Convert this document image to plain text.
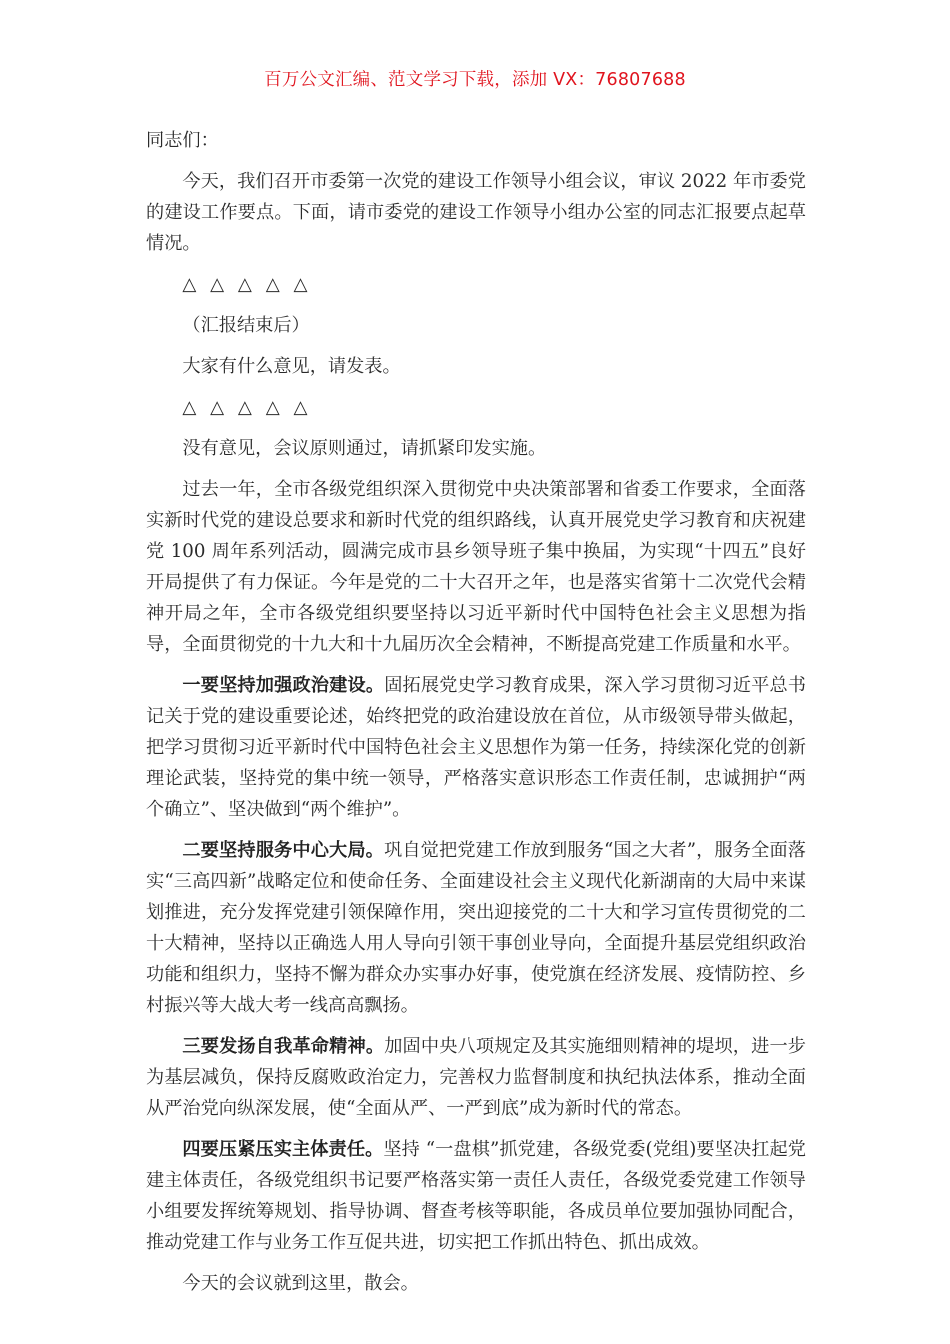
百万公文汇编、范文学习下载，添加 VX：76807688

同志们：

今天，我们召开市委第一次党的建设工作领导小组会议，审议 2022 年市委党的建设工作要点。下面，请市委党的建设工作领导小组办公室的同志汇报要点起草情况。

△ △ △ △ △

（汇报结束后）

大家有什么意见，请发表。

△ △ △ △ △

没有意见，会议原则通过，请抓紧印发实施。

过去一年，全市各级党组织深入贯彻党中央决策部署和省委工作要求，全面落实新时代党的建设总要求和新时代党的组织路线，认真开展党史学习教育和庆祝建党 100 周年系列活动，圆满完成市县乡领导班子集中换届，为实现“十四五”良好开局提供了有力保证。今年是党的二十大召开之年，也是落实省第十二次党代会精神开局之年，全市各级党组织要坚持以习近平新时代中国特色社会主义思想为指导，全面贯彻党的十九大和十九届历次全会精神，不断提高党建工作质量和水平。

一要坚持加强政治建设。固拓展党史学习教育成果，深入学习贯彻习近平总书记关于党的建设重要论述，始终把党的政治建设放在首位，从市级领导带头做起，把学习贯彻习近平新时代中国特色社会主义思想作为第一任务，持续深化党的创新理论武装，坚持党的集中统一领导，严格落实意识形态工作责任制，忠诚拥护“两个确立”、坚决做到“两个维护”。

二要坚持服务中心大局。巩自觉把党建工作放到服务“国之大者”，服务全面落实“三高四新”战略定位和使命任务、全面建设社会主义现代化新湖南的大局中来谋划推进，充分发挥党建引领保障作用，突出迎接党的二十大和学习宣传贯彻党的二十大精神，坚持以正确选人用人导向引领干事创业导向，全面提升基层党组织政治功能和组织力，坚持不懈为群众办实事办好事，使党旗在经济发展、疫情防控、乡村振兴等大战大考一线高高飘扬。

三要发扬自我革命精神。加固中央八项规定及其实施细则精神的堤坝，进一步为基层减负，保持反腐败政治定力，完善权力监督制度和执纪执法体系，推动全面从严治党向纵深发展，使“全面从严、一严到底”成为新时代的常态。

四要压紧压实主体责任。坚持 “一盘棋”抓党建，各级党委(党组)要坚决扛起党建主体责任，各级党组织书记要严格落实第一责任人责任，各级党委党建工作领导小组要发挥统筹规划、指导协调、督查考核等职能，各成员单位要加强协同配合，推动党建工作与业务工作互促共进，切实把工作抓出特色、抓出成效。

今天的会议就到这里，散会。
